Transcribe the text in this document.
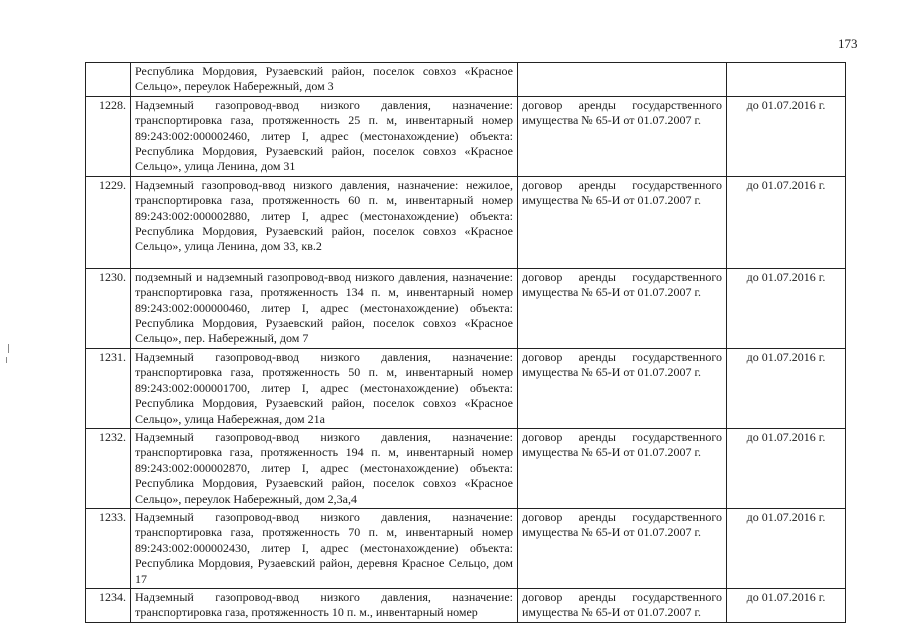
173
	Республика Мордовия, Рузаевский район, поселок совхоз «Красное Сельцо», переулок Набережный, дом 3		
1228.	Надземный газопровод-ввод низкого давления, назначение: транспортировка газа, протяженность 25 п. м, инвентарный номер 89:243:002:000002460, литер I, адрес (местонахождение) объекта: Республика Мордовия, Рузаевский район, поселок совхоз «Красное Сельцо», улица Ленина, дом 31	договор аренды государственного имущества № 65-И от 01.07.2007 г.	до 01.07.2016 г.
1229.	Надземный газопровод-ввод низкого давления, назначение: нежилое, транспортировка газа, протяженность 60 п. м, инвентарный номер 89:243:002:000002880, литер I, адрес (местонахождение) объекта: Республика Мордовия, Рузаевский район, поселок совхоз «Красное Сельцо», улица Ленина, дом 33, кв.2	договор аренды государственного имущества № 65-И от 01.07.2007 г.	до 01.07.2016 г.
1230.	подземный и надземный газопровод-ввод низкого давления, назначение: транспортировка газа, протяженность 134 п. м, инвентарный номер 89:243:002:000000460, литер I, адрес (местонахождение) объекта: Республика Мордовия, Рузаевский район, поселок совхоз «Красное Сельцо», пер. Набережный, дом 7	договор аренды государственного имущества № 65-И от 01.07.2007 г.	до 01.07.2016 г.
1231.	Надземный газопровод-ввод низкого давления, назначение: транспортировка газа, протяженность 50 п. м, инвентарный номер 89:243:002:000001700, литер I, адрес (местонахождение) объекта: Республика Мордовия, Рузаевский район, поселок совхоз «Красное Сельцо», улица Набережная, дом 21а	договор аренды государственного имущества № 65-И от 01.07.2007 г.	до 01.07.2016 г.
1232.	Надземный газопровод-ввод низкого давления, назначение: транспортировка газа, протяженность 194 п. м, инвентарный номер 89:243:002:000002870, литер I, адрес (местонахождение) объекта: Республика Мордовия, Рузаевский район, поселок совхоз «Красное Сельцо», переулок Набережный, дом 2,3а,4	договор аренды государственного имущества № 65-И от 01.07.2007 г.	до 01.07.2016 г.
1233.	Надземный газопровод-ввод низкого давления, назначение: транспортировка газа, протяженность 70 п. м, инвентарный номер 89:243:002:000002430, литер I, адрес (местонахождение) объекта: Республика Мордовия, Рузаевский район, деревня Красное Сельцо, дом 17	договор аренды государственного имущества № 65-И от 01.07.2007 г.	до 01.07.2016 г.
1234.	Надземный газопровод-ввод низкого давления, назначение: транспортировка газа, протяженность 10 п. м., инвентарный номер	договор аренды государственного имущества № 65-И от 01.07.2007 г.	до 01.07.2016 г.
